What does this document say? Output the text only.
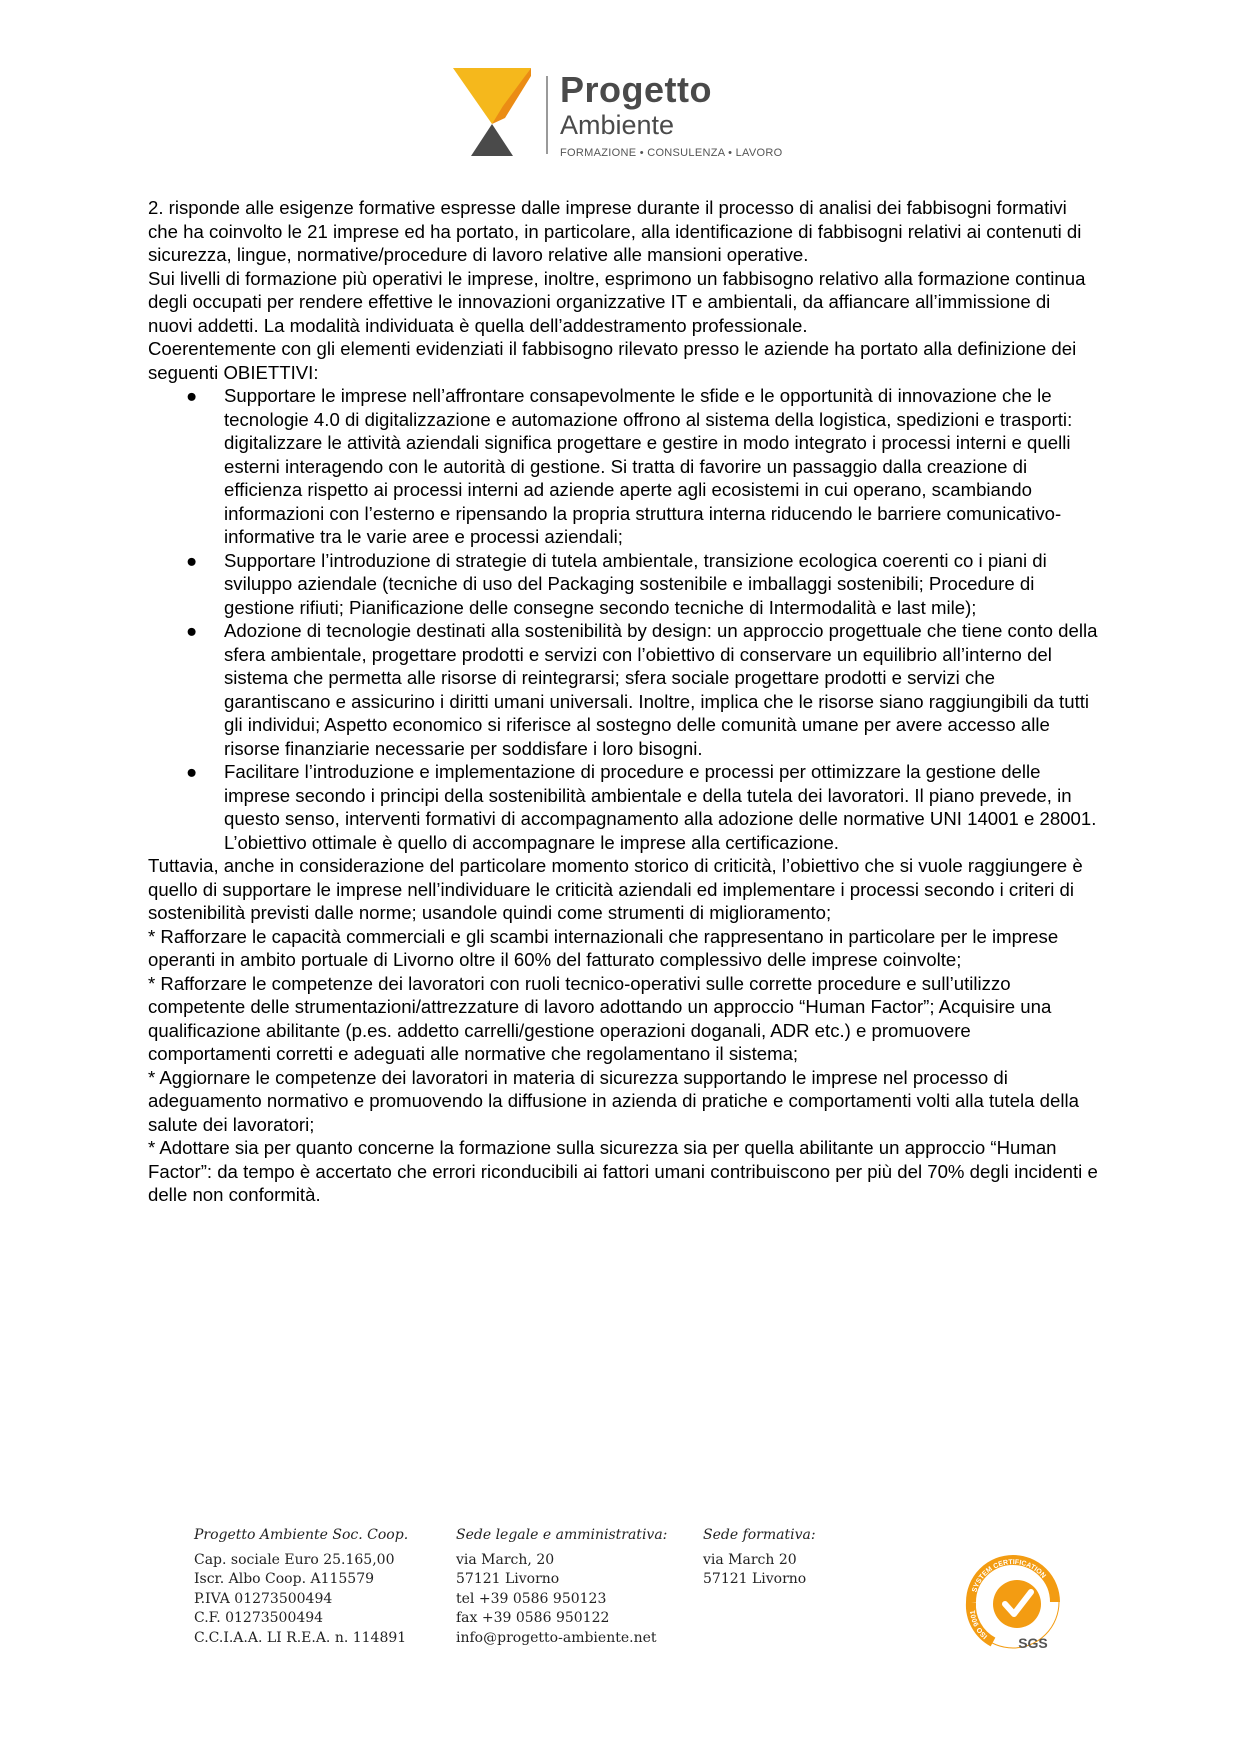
Progetto
Ambiente
FORMAZIONE • CONSULENZA • LAVORO

2. risponde alle esigenze formative espresse dalle imprese durante il processo di analisi dei fabbisogni formativi che ha coinvolto le 21 imprese ed ha portato, in particolare, alla identificazione di fabbisogni relativi ai contenuti di sicurezza, lingue, normative/procedure di lavoro relative alle mansioni operative.

Sui livelli di formazione più operativi le imprese, inoltre, esprimono un fabbisogno relativo alla formazione continua degli occupati per rendere effettive le innovazioni organizzative IT e ambientali, da affiancare all’immissione di nuovi addetti. La modalità individuata è quella dell’addestramento professionale.

Coerentemente con gli elementi evidenziati il fabbisogno rilevato presso le aziende ha portato alla definizione dei seguenti OBIETTIVI:

● Supportare le imprese nell’affrontare consapevolmente le sfide e le opportunità di innovazione che le tecnologie 4.0 di digitalizzazione e automazione offrono al sistema della logistica, spedizioni e trasporti: digitalizzare le attività aziendali significa progettare e gestire in modo integrato i processi interni e quelli esterni interagendo con le autorità di gestione. Si tratta di favorire un passaggio dalla creazione di efficienza rispetto ai processi interni ad aziende aperte agli ecosistemi in cui operano, scambiando informazioni con l’esterno e ripensando la propria struttura interna riducendo le barriere comunicativo-informative tra le varie aree e processi aziendali;
● Supportare l’introduzione di strategie di tutela ambientale, transizione ecologica coerenti co i piani di sviluppo aziendale (tecniche di uso del Packaging sostenibile e imballaggi sostenibili; Procedure di gestione rifiuti; Pianificazione delle consegne secondo tecniche di Intermodalità e last mile);
● Adozione di tecnologie destinati alla sostenibilità by design: un approccio progettuale che tiene conto della sfera ambientale, progettare prodotti e servizi con l’obiettivo di conservare un equilibrio all’interno del sistema che permetta alle risorse di reintegrarsi; sfera sociale progettare prodotti e servizi che garantiscano e assicurino i diritti umani universali. Inoltre, implica che le risorse siano raggiungibili da tutti gli individui; Aspetto economico si riferisce al sostegno delle comunità umane per avere accesso alle risorse finanziarie necessarie per soddisfare i loro bisogni.
● Facilitare l’introduzione e implementazione di procedure e processi per ottimizzare la gestione delle imprese secondo i principi della sostenibilità ambientale e della tutela dei lavoratori. Il piano prevede, in questo senso, interventi formativi di accompagnamento alla adozione delle normative UNI 14001 e 28001. L’obiettivo ottimale è quello di accompagnare le imprese alla certificazione.

Tuttavia, anche in considerazione del particolare momento storico di criticità, l’obiettivo che si vuole raggiungere è quello di supportare le imprese nell’individuare le criticità aziendali ed implementare i processi secondo i criteri di sostenibilità previsti dalle norme; usandole quindi come strumenti di miglioramento;

* Rafforzare le capacità commerciali e gli scambi internazionali che rappresentano in particolare per le imprese operanti in ambito portuale di Livorno oltre il 60% del fatturato complessivo delle imprese coinvolte;

* Rafforzare le competenze dei lavoratori con ruoli tecnico-operativi sulle corrette procedure e sull’utilizzo competente delle strumentazioni/attrezzature di lavoro adottando un approccio “Human Factor”; Acquisire una qualificazione abilitante (p.es. addetto carrelli/gestione operazioni doganali, ADR etc.) e promuovere comportamenti corretti e adeguati alle normative che regolamentano il sistema;

* Aggiornare le competenze dei lavoratori in materia di sicurezza supportando le imprese nel processo di adeguamento normativo e promuovendo la diffusione in azienda di pratiche e comportamenti volti alla tutela della salute dei lavoratori;

* Adottare sia per quanto concerne la formazione sulla sicurezza sia per quella abilitante un approccio “Human Factor”: da tempo è accertato che errori riconducibili ai fattori umani contribuiscono per più del 70% degli incidenti e delle non conformità.

Progetto Ambiente Soc. Coop.
Cap. sociale Euro 25.165,00
Iscr. Albo Coop. A115579
P.IVA 01273500494
C.F. 01273500494
C.C.I.A.A. LI R.E.A. n. 114891
Sede legale e amministrativa:
via March, 20
57121 Livorno
tel +39 0586 950123
fax +39 0586 950122
info@progetto-ambiente.net
Sede formativa:
via March 20
57121 Livorno
SYSTEM CERTIFICATION
ISO 9001
SGS
